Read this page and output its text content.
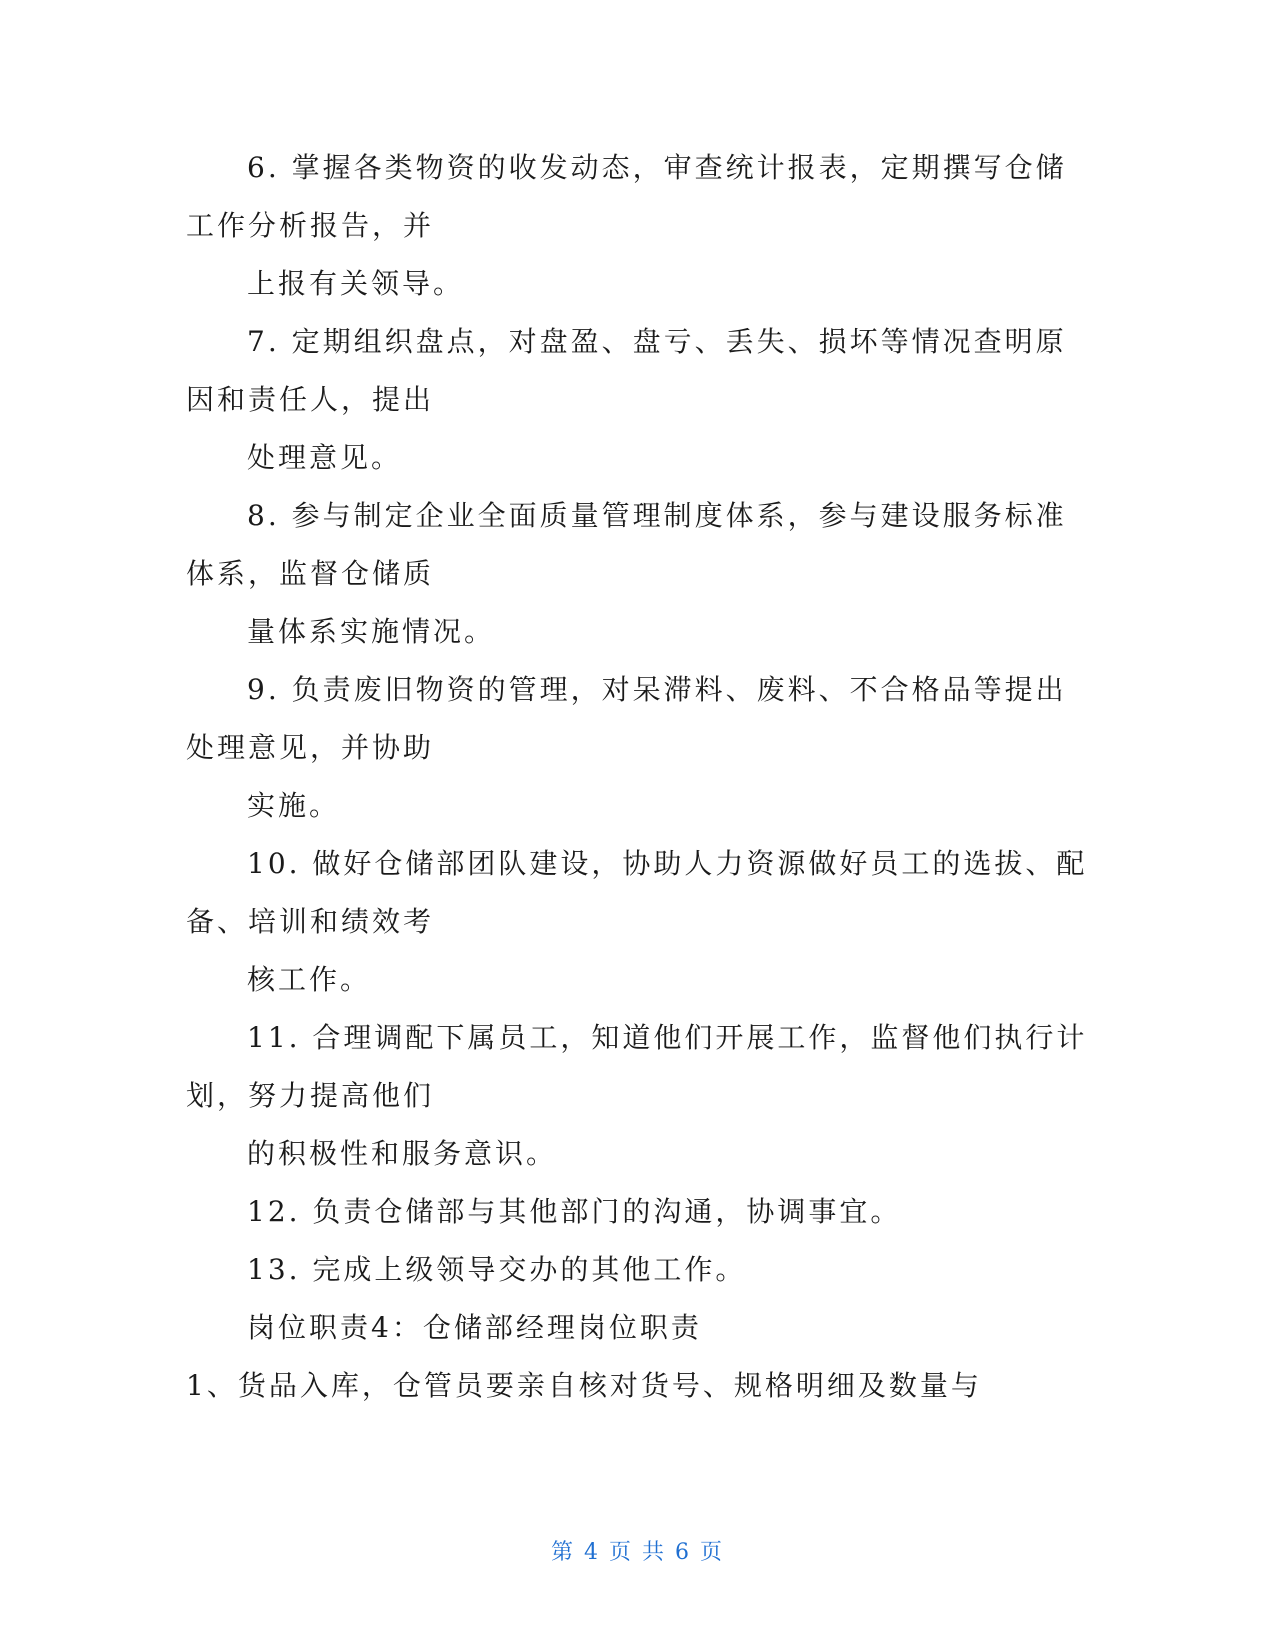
6. 掌握各类物资的收发动态，审查统计报表，定期撰写仓储
工作分析报告，并
上报有关领导。
7. 定期组织盘点，对盘盈、盘亏、丢失、损坏等情况查明原
因和责任人，提出
处理意见。
8. 参与制定企业全面质量管理制度体系，参与建设服务标准
体系，监督仓储质
量体系实施情况。
9. 负责废旧物资的管理，对呆滞料、废料、不合格品等提出
处理意见，并协助
实施。
10. 做好仓储部团队建设，协助人力资源做好员工的选拔、配
备、培训和绩效考
核工作。
11. 合理调配下属员工，知道他们开展工作，监督他们执行计
划，努力提高他们
的积极性和服务意识。
12. 负责仓储部与其他部门的沟通，协调事宜。
13. 完成上级领导交办的其他工作。
岗位职责4：仓储部经理岗位职责
1、货品入库，仓管员要亲自核对货号、规格明细及数量与
第 4 页 共 6 页
